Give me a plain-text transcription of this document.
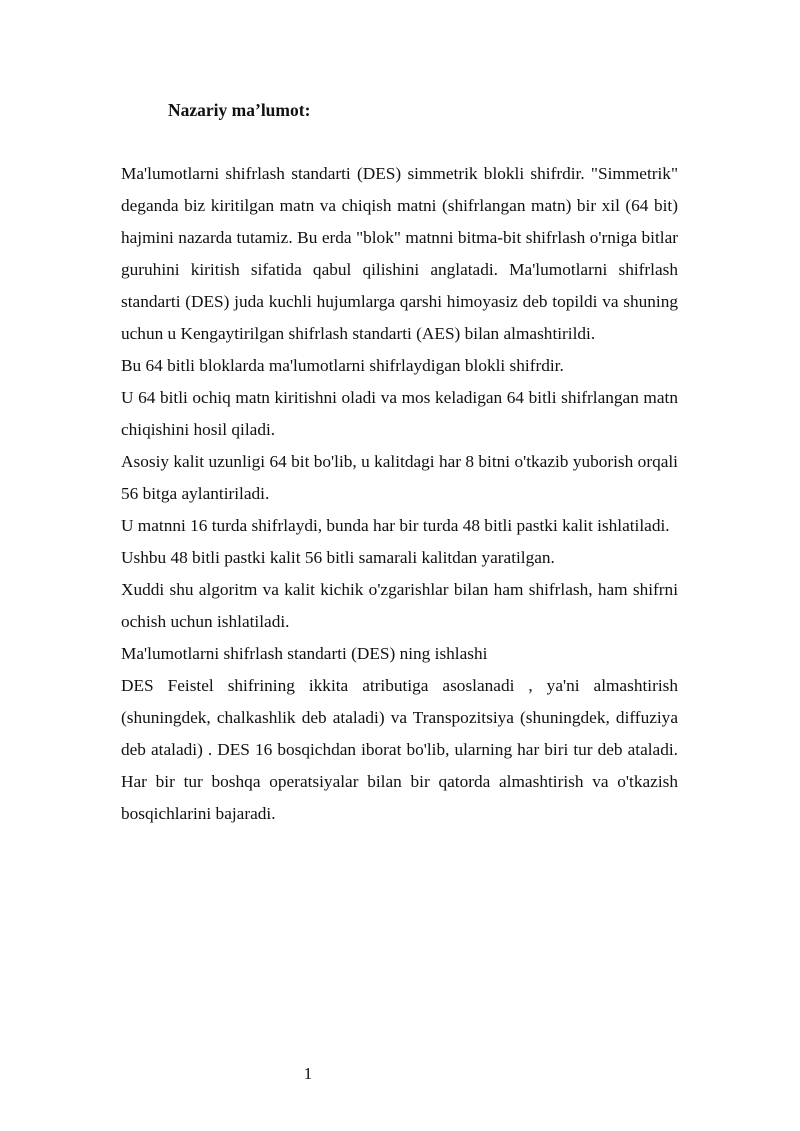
Nazariy ma’lumot:

Ma'lumotlarni shifrlash standarti (DES) simmetrik blokli shifrdir. "Simmetrik" deganda biz kiritilgan matn va chiqish matni (shifrlangan matn) bir xil (64 bit) hajmini nazarda tutamiz. Bu erda "blok" matnni bitma-bit shifrlash o'rniga bitlar guruhini kiritish sifatida qabul qilishini anglatadi. Ma'lumotlarni shifrlash standarti (DES) juda kuchli hujumlarga qarshi himoyasiz deb topildi va shuning uchun u Kengaytirilgan shifrlash standarti (AES) bilan almashtirildi.

Bu 64 bitli bloklarda ma'lumotlarni shifrlaydigan blokli shifrdir.

U 64 bitli ochiq matn kiritishni oladi va mos keladigan 64 bitli shifrlangan matn chiqishini hosil qiladi.

Asosiy kalit uzunligi 64 bit bo'lib, u kalitdagi har 8 bitni o'tkazib yuborish orqali 56 bitga aylantiriladi.

U matnni 16 turda shifrlaydi, bunda har bir turda 48 bitli pastki kalit ishlatiladi.

Ushbu 48 bitli pastki kalit 56 bitli samarali kalitdan yaratilgan.

Xuddi shu algoritm va kalit kichik o'zgarishlar bilan ham shifrlash, ham shifrni ochish uchun ishlatiladi.

Ma'lumotlarni shifrlash standarti (DES) ning ishlashi

DES Feistel shifrining ikkita atributiga asoslanadi , ya'ni almashtirish (shuningdek, chalkashlik deb ataladi) va Transpozitsiya (shuningdek, diffuziya deb ataladi) . DES 16 bosqichdan iborat bo'lib, ularning har biri tur deb ataladi. Har bir tur boshqa operatsiyalar bilan bir qatorda almashtirish va o'tkazish bosqichlarini bajaradi.

1
